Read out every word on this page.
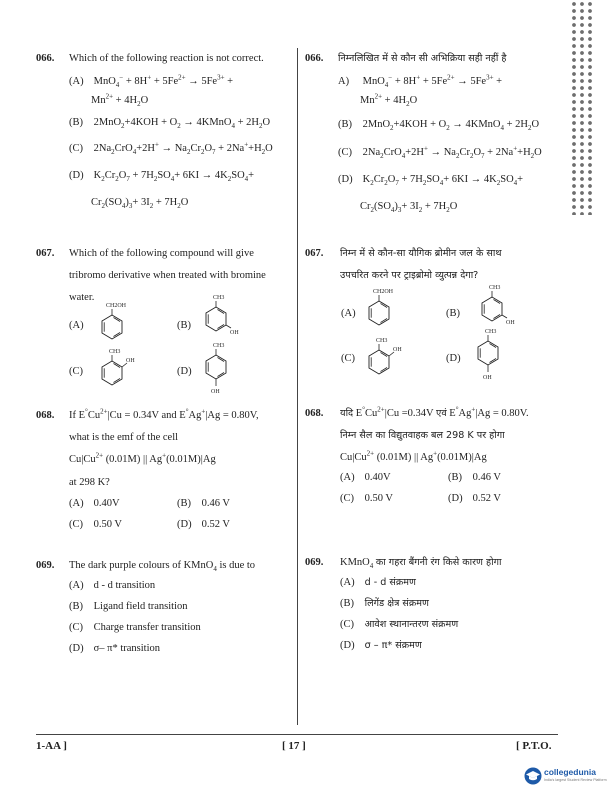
066. Which of the following reaction is not correct.
(A) $MnO_4^- + 8H^+ + 5Fe^{2+} \to 5Fe^{3+}$ +
$Mn^{2+} + 4H_2O$
(B) $2MnO_2+4KOH + O_2$ → 4KMnO$_4$ + $2H_2O$
(C) $2Na_2CrO_4+2H^+ \to Na_2Cr_2O_7 + 2Na^++H_2O$
(D) $K_2Cr_2O_7 + 7H_2SO_4+ 6KI \to 4K_2SO_4+$
$Cr_2(SO_4)_3+ 3I_2 + 7H_2O$
066. निम्नलिखित में से कौन सी अभिक्रिया सही नहीं है
A) $MnO_4^- + 8H^+ + 5Fe^{2+} \to 5Fe^{3+}$ +
$Mn^{2+} + 4H_2O$
(B) $2MnO_2+4KOH + O_2$ → 4KMnO$_4$ + $2H_2O$
(C) $2Na_2CrO_4+2H^+ \to Na_2Cr_2O_7 + 2Na^++H_2O$
(D) $K_2Cr_2O_7 + 7H_2SO_4+ 6KI \to 4K_2SO_4+$
$Cr_2(SO_4)_3+ 3I_2 + 7H_2O$
067. Which of the following compound will give
tribromo derivative when treated with bromine
water.
(A)
CH2OH
(B)
CH3
OH
(C)
CH3
OH
(D)
CH3
OH
067. निम्न में से कौन-सा यौगिक ब्रोमीन जल के साथ
उपचरित करने पर ट्राइब्रोमो व्युत्पन्न देगा?
(A)
CH2OH
(B)
CH3
OH
(C)
CH3
OH
(D)
CH3
OH
068. If $E^\circ Cu^{2+}|Cu = 0.34V$ and E°Ag+|Ag = 0.80V,
what is the emf of the cell
$Cu|Cu^{2+}$ (0.01M) || Ag+(0.01M)|Ag
at 298 K?
(A) 0.40V	(B) 0.46 V
(C) 0.50 V	(D) 0.52 V
068. यदि $E^\circ Cu^{2+}|Cu =0.34V$ एवं E°Ag+|Ag = 0.80V.
निम्न सैल का विद्युतवाहक बल 298 K पर होगा
$Cu|Cu^{2+}$ (0.01M) || Ag+(0.01M)|Ag
(A) 0.40V	(B) 0.46 V
(C) 0.50 V	(D) 0.52 V
069. The dark purple colours of KMnO$_4$ is due to
(A) d - d transition
(B) Ligand field transition
(C) Charge transfer transition
(D) σ– π* transition
069. KMnO$_4$ का गहरा बैंगनी रंग किसे कारण होगा
(A) d - d संक्रमण
(B) लिगेंड क्षेत्र संक्रमण
(C) आवेश स्थानान्तरण संक्रमण
(D) σ – π* संक्रमण
1-AA ]	[ 17 ]	[ P.T.O.
collegedunia
India's largest Student Review Platform
